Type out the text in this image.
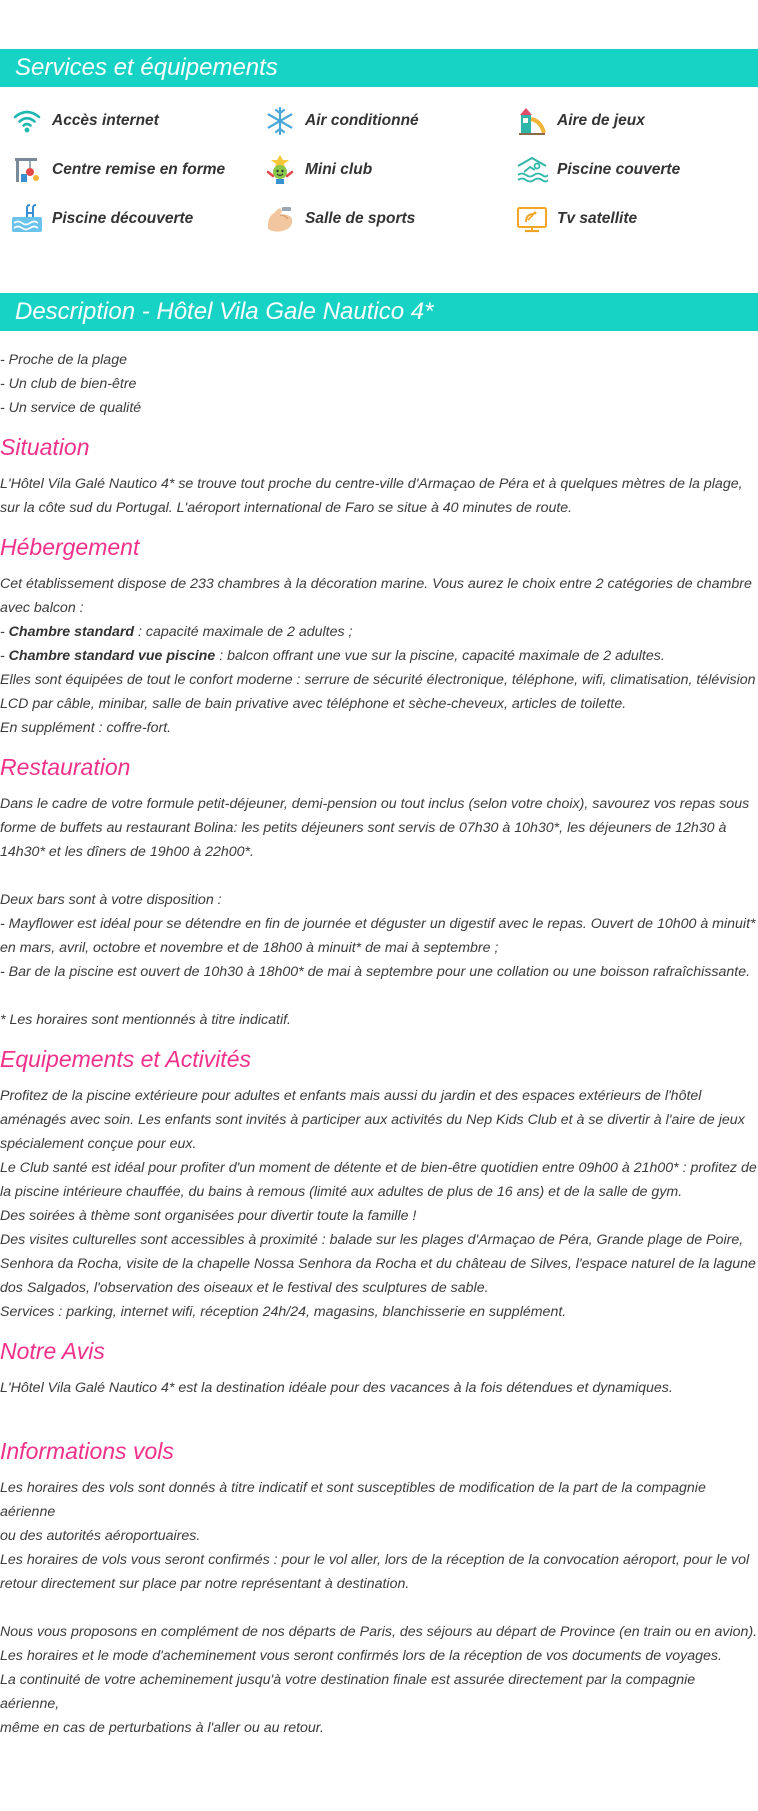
Services et équipements
Accès internet	Air conditionné	Aire de jeux
Centre remise en forme	Mini club	Piscine couverte
Piscine découverte	Salle de sports	Tv satellite
Description - Hôtel Vila Gale Nautico 4*

- Proche de la plage

- Un club de bien-être

- Un service de qualité

Situation

L'Hôtel Vila Galé Nautico 4* se trouve tout proche du centre-ville d'Armaçao de Péra et à quelques mètres de la plage,

sur la côte sud du Portugal. L'aéroport international de Faro se situe à 40 minutes de route.

Hébergement

Cet établissement dispose de 233 chambres à la décoration marine. Vous aurez le choix entre 2 catégories de chambre

avec balcon :

- Chambre standard : capacité maximale de 2 adultes ;

- Chambre standard vue piscine : balcon offrant une vue sur la piscine, capacité maximale de 2 adultes.

Elles sont équipées de tout le confort moderne : serrure de sécurité électronique, téléphone, wifi, climatisation, télévision

LCD par câble, minibar, salle de bain privative avec téléphone et sèche-cheveux, articles de toilette.

En supplément : coffre-fort.

Restauration

Dans le cadre de votre formule petit-déjeuner, demi-pension ou tout inclus (selon votre choix), savourez vos repas sous

forme de buffets au restaurant Bolina: les petits déjeuners sont servis de 07h30 à 10h30*, les déjeuners de 12h30 à

14h30* et les dîners de 19h00 à 22h00*.

Deux bars sont à votre disposition :

- Mayflower est idéal pour se détendre en fin de journée et déguster un digestif avec le repas. Ouvert de 10h00 à minuit*

en mars, avril, octobre et novembre et de 18h00 à minuit* de mai à septembre ;

- Bar de la piscine est ouvert de 10h30 à 18h00* de mai à septembre pour une collation ou une boisson rafraîchissante.

* Les horaires sont mentionnés à titre indicatif.

Equipements et Activités

Profitez de la piscine extérieure pour adultes et enfants mais aussi du jardin et des espaces extérieurs de l'hôtel

aménagés avec soin. Les enfants sont invités à participer aux activités du Nep Kids Club et à se divertir à l'aire de jeux

spécialement conçue pour eux.

Le Club santé est idéal pour profiter d'un moment de détente et de bien-être quotidien entre 09h00 à 21h00* : profitez de

la piscine intérieure chauffée, du bains à remous (limité aux adultes de plus de 16 ans) et de la salle de gym.

Des soirées à thème sont organisées pour divertir toute la famille !

Des visites culturelles sont accessibles à proximité : balade sur les plages d'Armaçao de Péra, Grande plage de Poire,

Senhora da Rocha, visite de la chapelle Nossa Senhora da Rocha et du château de Silves, l'espace naturel de la lagune

dos Salgados, l'observation des oiseaux et le festival des sculptures de sable.

Services : parking, internet wifi, réception 24h/24, magasins, blanchisserie en supplément.

Notre Avis

L'Hôtel Vila Galé Nautico 4* est la destination idéale pour des vacances à la fois détendues et dynamiques.

Informations vols

Les horaires des vols sont donnés à titre indicatif et sont susceptibles de modification de la part de la compagnie aérienne

ou des autorités aéroportuaires.

Les horaires de vols vous seront confirmés : pour le vol aller, lors de la réception de la convocation aéroport, pour le vol

retour directement sur place par notre représentant à destination.

Nous vous proposons en complément de nos départs de Paris, des séjours au départ de Province (en train ou en avion).

Les horaires et le mode d'acheminement vous seront confirmés lors de la réception de vos documents de voyages.

La continuité de votre acheminement jusqu'à votre destination finale est assurée directement par la compagnie aérienne,

même en cas de perturbations à l'aller ou au retour.
